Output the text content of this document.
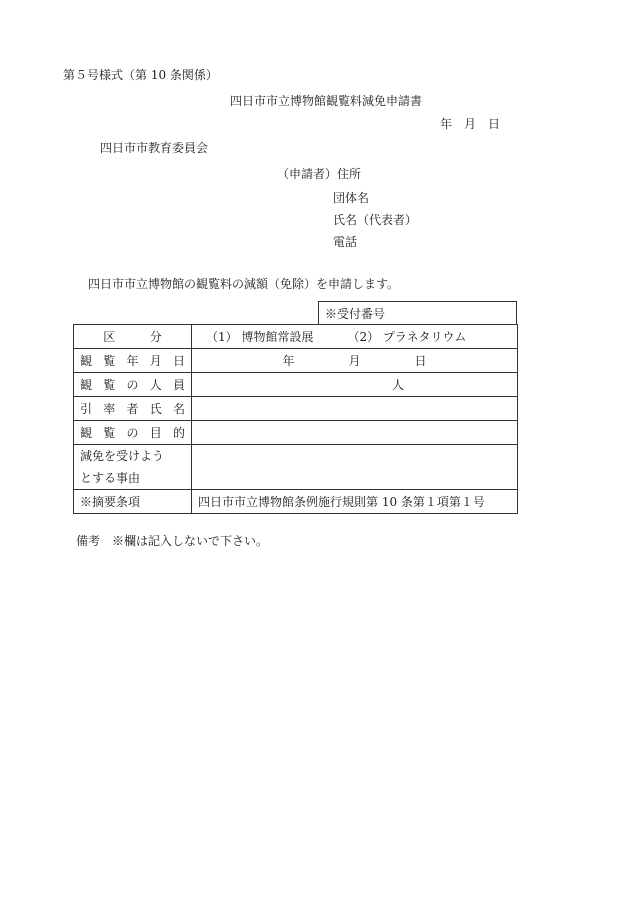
第５号様式（第 10 条関係）
四日市市立博物館観覧料減免申請書
年　月　日
四日市市教育委員会
（申請者）住所
団体名
氏名（代表者）
電話
四日市市立博物館の観覧料の減額（免除）を申請します。
※受付番号
区 分	（1） 博物館常設展 （2） プラネタリウム

観 覧 年 月 日	年 月 日

観 覧 の 人 員	人

引 率 者 氏 名	

観 覧 の 目 的	

減免を受けよう
とする事由	

※摘要条項	四日市市立博物館条例施行規則第 10 条第１項第１号
備考　※欄は記入しないで下さい。
